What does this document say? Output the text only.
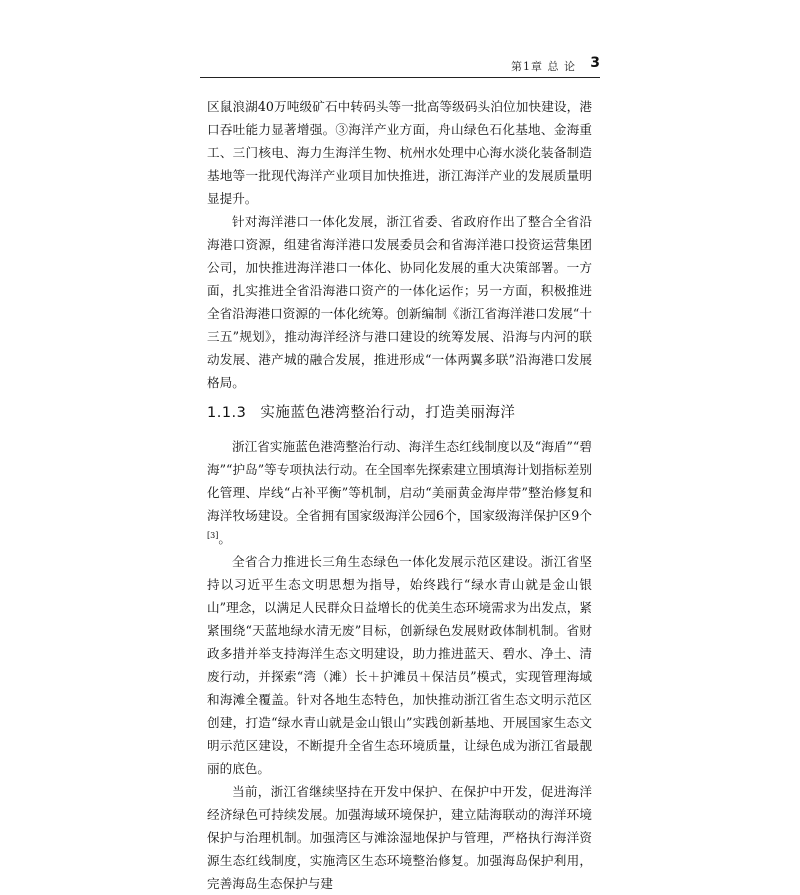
第1章 总 论 3

区鼠浪湖40万吨级矿石中转码头等一批高等级码头泊位加快建设，港口吞吐能力显著增强。③海洋产业方面，舟山绿色石化基地、金海重工、三门核电、海力生海洋生物、杭州水处理中心海水淡化装备制造基地等一批现代海洋产业项目加快推进，浙江海洋产业的发展质量明显提升。

针对海洋港口一体化发展，浙江省委、省政府作出了整合全省沿海港口资源，组建省海洋港口发展委员会和省海洋港口投资运营集团公司，加快推进海洋港口一体化、协同化发展的重大决策部署。一方面，扎实推进全省沿海港口资产的一体化运作；另一方面，积极推进全省沿海港口资源的一体化统筹。创新编制《浙江省海洋港口发展“十三五”规划》，推动海洋经济与港口建设的统筹发展、沿海与内河的联动发展、港产城的融合发展，推进形成“一体两翼多联”沿海港口发展格局。

1.1.3 实施蓝色港湾整治行动，打造美丽海洋

浙江省实施蓝色港湾整治行动、海洋生态红线制度以及“海盾”“碧海”“护岛”等专项执法行动。在全国率先探索建立围填海计划指标差别化管理、岸线“占补平衡”等机制，启动“美丽黄金海岸带”整治修复和海洋牧场建设。全省拥有国家级海洋公园6个，国家级海洋保护区9个[3]。

全省合力推进长三角生态绿色一体化发展示范区建设。浙江省坚持以习近平生态文明思想为指导，始终践行“绿水青山就是金山银山”理念，以满足人民群众日益增长的优美生态环境需求为出发点，紧紧围绕“天蓝地绿水清无废”目标，创新绿色发展财政体制机制。省财政多措并举支持海洋生态文明建设，助力推进蓝天、碧水、净土、清废行动，并探索“湾（滩）长＋护滩员＋保洁员”模式，实现管理海域和海滩全覆盖。针对各地生态特色，加快推动浙江省生态文明示范区创建，打造“绿水青山就是金山银山”实践创新基地、开展国家生态文明示范区建设，不断提升全省生态环境质量，让绿色成为浙江省最靓丽的底色。

当前，浙江省继续坚持在开发中保护、在保护中开发，促进海洋经济绿色可持续发展。加强海域环境保护，建立陆海联动的海洋环境保护与治理机制。加强湾区与滩涂湿地保护与管理，严格执行海洋资源生态红线制度，实施湾区生态环境整治修复。加强海岛保护利用，完善海岛生态保护与建
